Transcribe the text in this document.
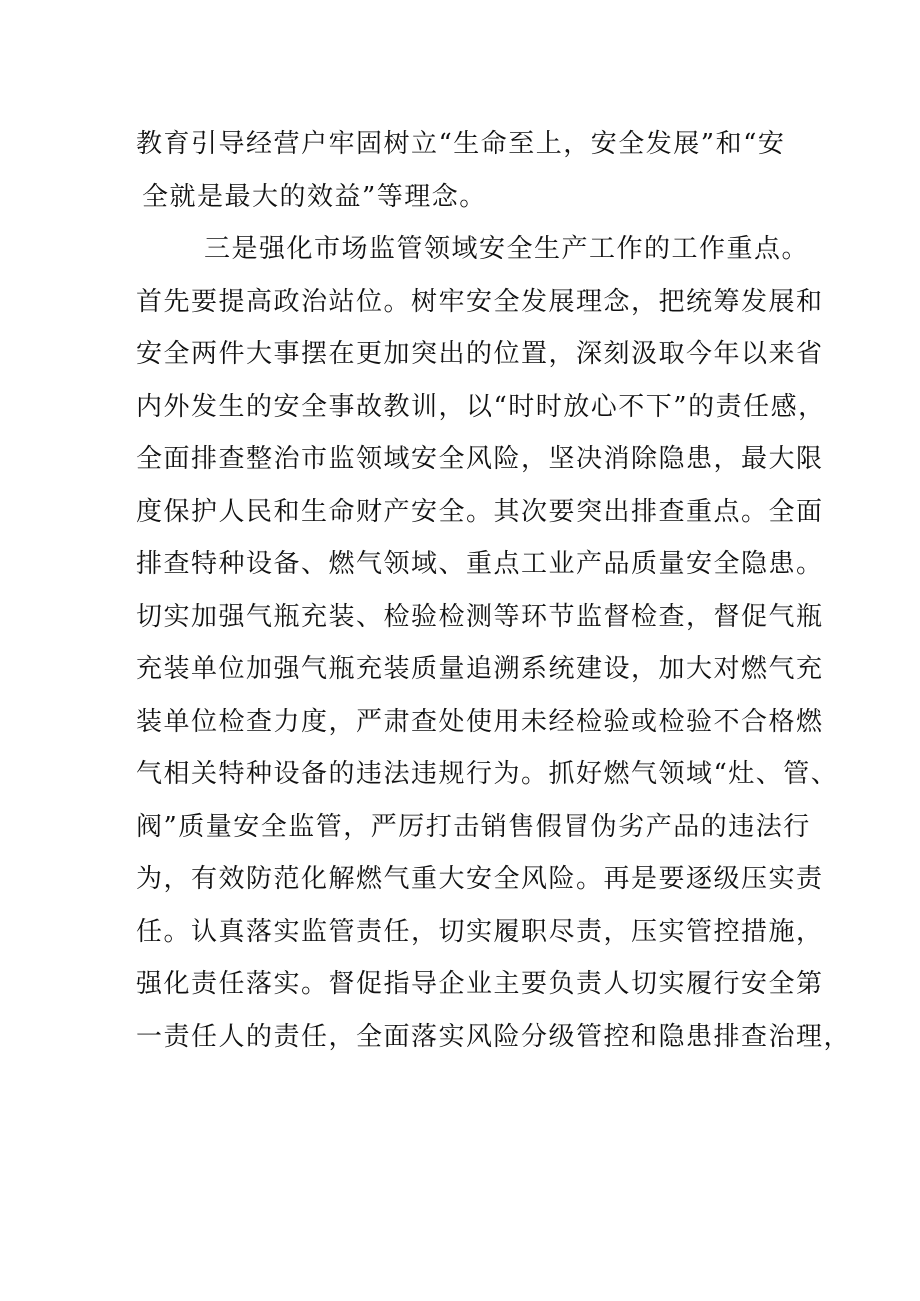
教育引导经营户牢固树立“生命至上，安全发展”和“安
全就是最大的效益”等理念。
三是强化市场监管领域安全生产工作的工作重点。
首先要提高政治站位。树牢安全发展理念，把统筹发展和
安全两件大事摆在更加突出的位置，深刻汲取今年以来省
内外发生的安全事故教训，以“时时放心不下”的责任感，
全面排查整治市监领域安全风险，坚决消除隐患，最大限
度保护人民和生命财产安全。其次要突出排查重点。全面
排查特种设备、燃气领域、重点工业产品质量安全隐患。
切实加强气瓶充装、检验检测等环节监督检查，督促气瓶
充装单位加强气瓶充装质量追溯系统建设，加大对燃气充
装单位检查力度，严肃查处使用未经检验或检验不合格燃
气相关特种设备的违法违规行为。抓好燃气领域“灶、管、
阀”质量安全监管，严厉打击销售假冒伪劣产品的违法行
为，有效防范化解燃气重大安全风险。再是要逐级压实责
任。认真落实监管责任，切实履职尽责，压实管控措施，
强化责任落实。督促指导企业主要负责人切实履行安全第
一责任人的责任，全面落实风险分级管控和隐患排查治理，
